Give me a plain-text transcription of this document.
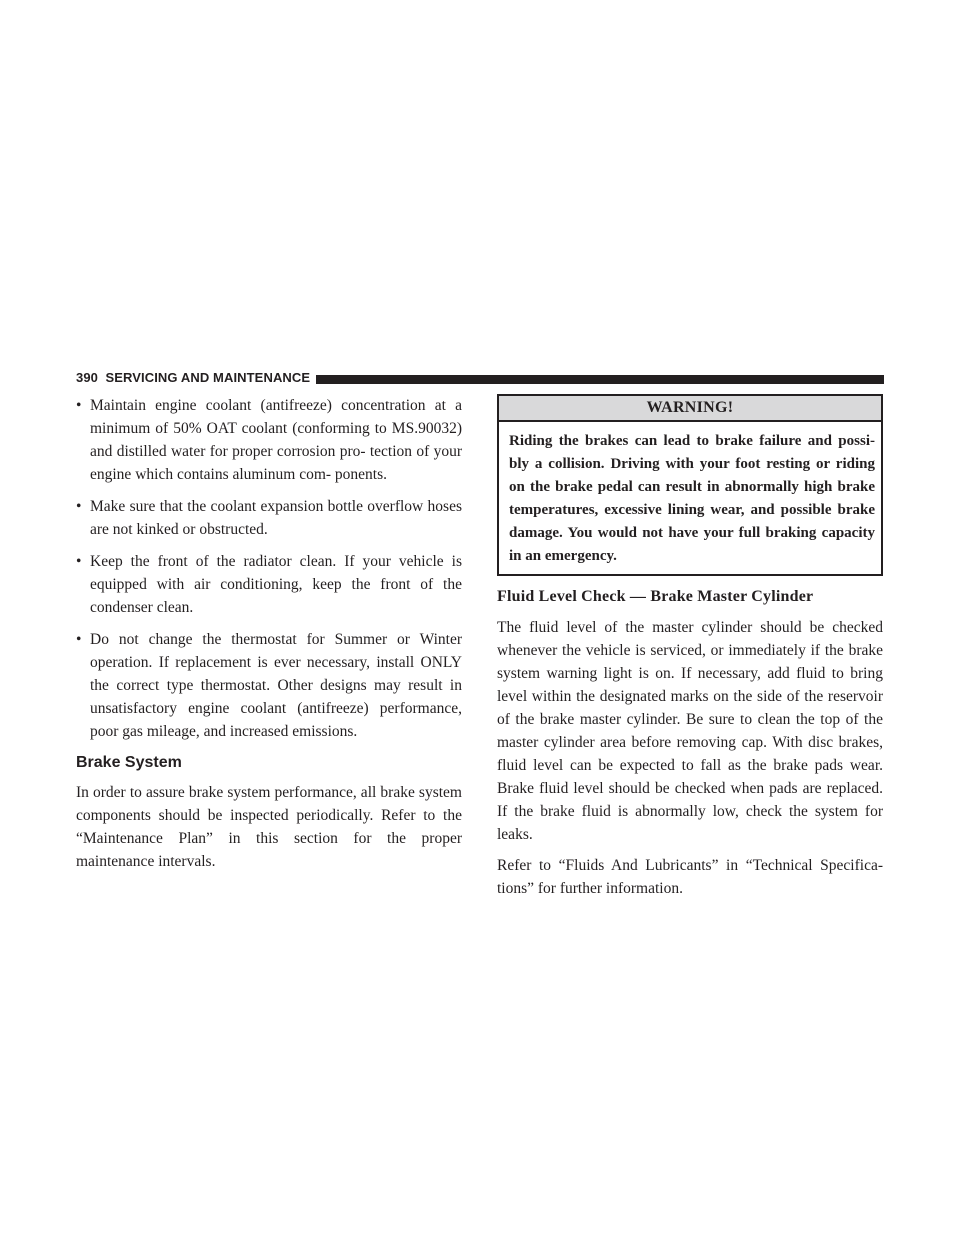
390 SERVICING AND MAINTENANCE
• Maintain engine coolant (antifreeze) concentration at a minimum of 50% OAT coolant (conforming to MS.90032) and distilled water for proper corrosion pro- tection of your engine which contains aluminum com- ponents.
• Make sure that the coolant expansion bottle overflow hoses are not kinked or obstructed.
• Keep the front of the radiator clean. If your vehicle is equipped with air conditioning, keep the front of the condenser clean.
• Do not change the thermostat for Summer or Winter operation. If replacement is ever necessary, install ONLY the correct type thermostat. Other designs may result in unsatisfactory engine coolant (antifreeze) performance, poor gas mileage, and increased emissions.
Brake System

In order to assure brake system performance, all brake system components should be inspected periodically. Refer to the “Maintenance Plan” in this section for the proper maintenance intervals.

WARNING!
Riding the brakes can lead to brake failure and possi- bly a collision. Driving with your foot resting or riding on the brake pedal can result in abnormally high brake temperatures, excessive lining wear, and possible brake damage. You would not have your full braking capacity in an emergency.
Fluid Level Check — Brake Master Cylinder

The fluid level of the master cylinder should be checked whenever the vehicle is serviced, or immediately if the brake system warning light is on. If necessary, add fluid to bring level within the designated marks on the side of the reservoir of the brake master cylinder. Be sure to clean the top of the master cylinder area before removing cap. With disc brakes, fluid level can be expected to fall as the brake pads wear. Brake fluid level should be checked when pads are replaced. If the brake fluid is abnormally low, check the system for leaks.

Refer to “Fluids And Lubricants” in “Technical Specifica- tions” for further information.
